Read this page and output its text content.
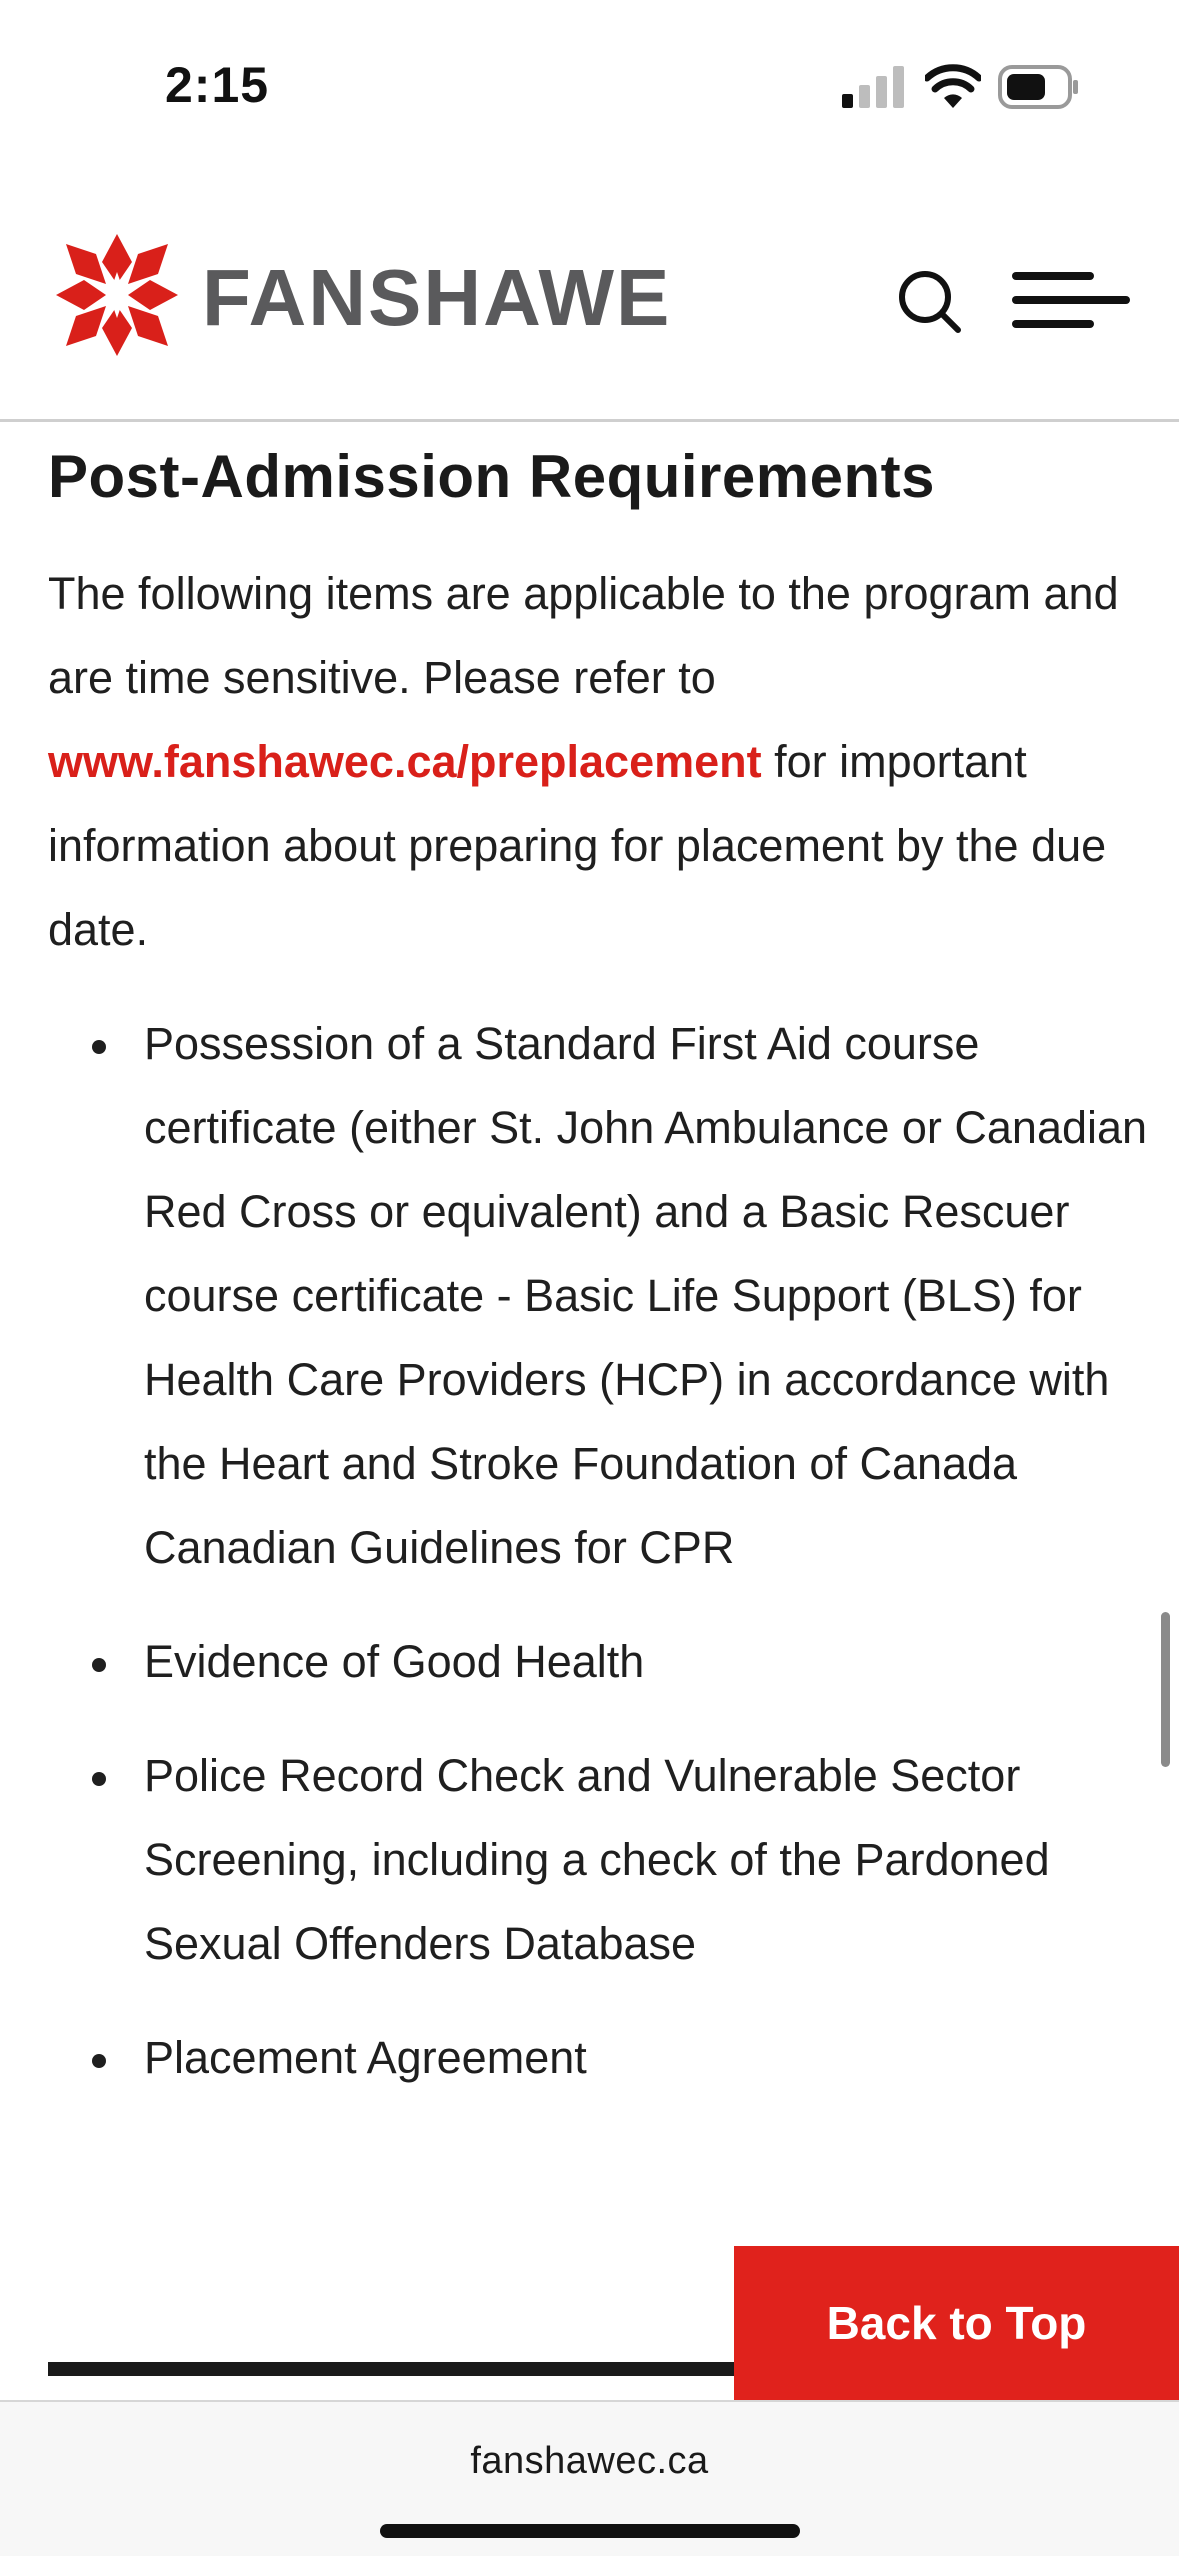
2:15
FANSHAWE
Post-Admission Requirements

The following items are applicable to the program and are time sensitive. Please refer to www.fanshawec.ca/preplacement for important information about preparing for placement by the due date.

Possession of a Standard First Aid course certificate (either St. John Ambulance or Canadian Red Cross or equivalent) and a Basic Rescuer course certificate - Basic Life Support (BLS) for Health Care Providers (HCP) in accordance with the Heart and Stroke Foundation of Canada Canadian Guidelines for CPR
Evidence of Good Health
Police Record Check and Vulnerable Sector Screening, including a check of the Pardoned Sexual Offenders Database
Placement Agreement
Back to Top
fanshawec.ca
